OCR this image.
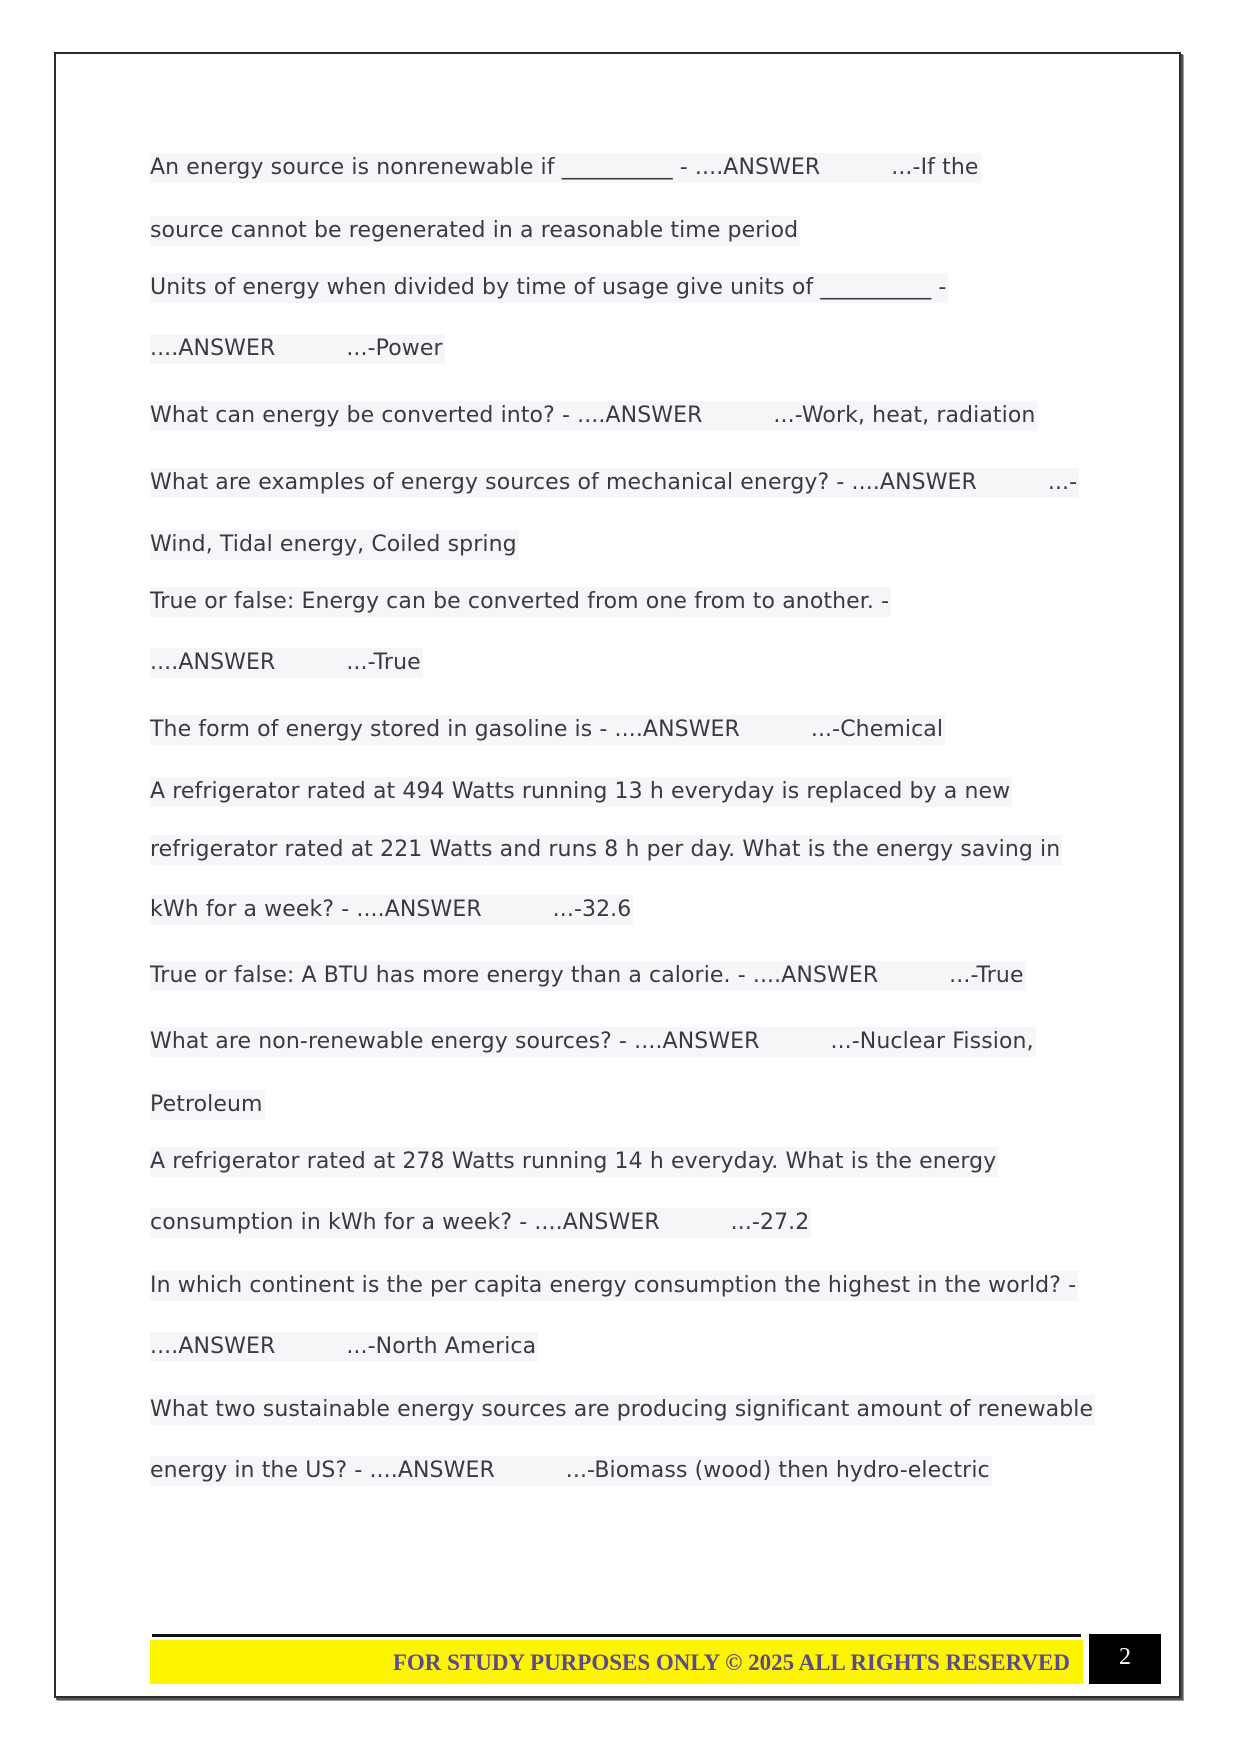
An energy source is nonrenewable if __________ - ....ANSWER          ...-If the
source cannot be regenerated in a reasonable time period
Units of energy when divided by time of usage give units of __________ -
....ANSWER          ...-Power
What can energy be converted into? - ....ANSWER          ...-Work, heat, radiation
What are examples of energy sources of mechanical energy? - ....ANSWER          ...-
Wind, Tidal energy, Coiled spring
True or false: Energy can be converted from one from to another. -
....ANSWER          ...-True
The form of energy stored in gasoline is - ....ANSWER          ...-Chemical
A refrigerator rated at 494 Watts running 13 h everyday is replaced by a new
refrigerator rated at 221 Watts and runs 8 h per day. What is the energy saving in
kWh for a week? - ....ANSWER          ...-32.6
True or false: A BTU has more energy than a calorie. - ....ANSWER          ...-True
What are non-renewable energy sources? - ....ANSWER          ...-Nuclear Fission,
Petroleum
A refrigerator rated at 278 Watts running 14 h everyday. What is the energy
consumption in kWh for a week? - ....ANSWER          ...-27.2
In which continent is the per capita energy consumption the highest in the world? -
....ANSWER          ...-North America
What two sustainable energy sources are producing significant amount of renewable
energy in the US? - ....ANSWER          ...-Biomass (wood) then hydro-electric
FOR STUDY PURPOSES ONLY © 2025 ALL RIGHTS RESERVED	2
